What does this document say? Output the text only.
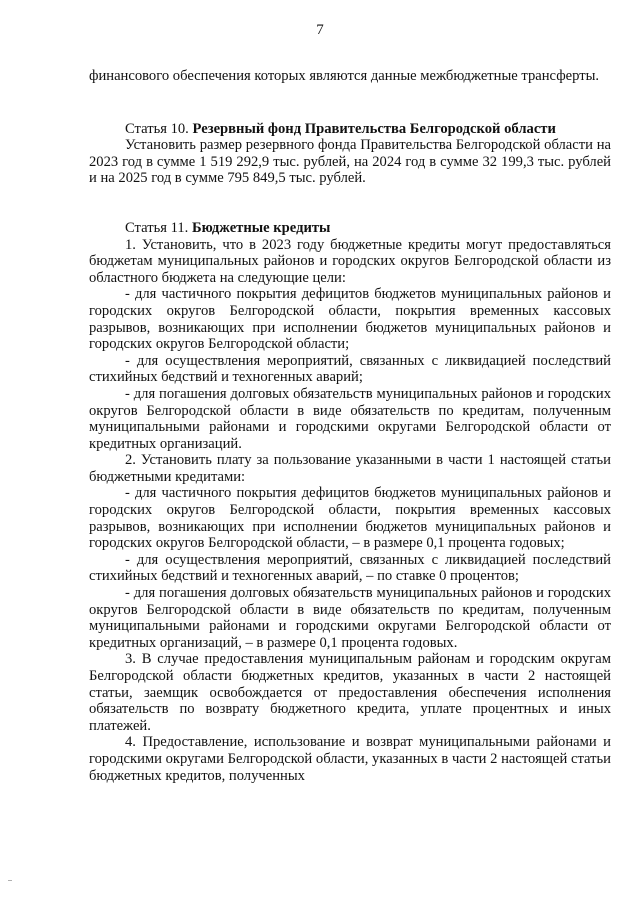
7

финансового обеспечения которых являются данные межбюджетные трансферты.

Статья 10. Резервный фонд Правительства Белгородской области

Установить размер резервного фонда Правительства Белгородской области на 2023 год в сумме 1 519 292,9 тыс. рублей, на 2024 год в сумме 32 199,3 тыс. рублей и на 2025 год в сумме 795 849,5 тыс. рублей.

Статья 11. Бюджетные кредиты

1. Установить, что в 2023 году бюджетные кредиты могут предоставляться бюджетам муниципальных районов и городских округов Белгородской области из областного бюджета на следующие цели:

- для частичного покрытия дефицитов бюджетов муниципальных районов и городских округов Белгородской области, покрытия временных кассовых разрывов, возникающих при исполнении бюджетов муниципальных районов и городских округов Белгородской области;

- для осуществления мероприятий, связанных с ликвидацией последствий стихийных бедствий и техногенных аварий;

- для погашения долговых обязательств муниципальных районов и городских округов Белгородской области в виде обязательств по кредитам, полученным муниципальными районами и городскими округами Белгородской области от кредитных организаций.

2. Установить плату за пользование указанными в части 1 настоящей статьи бюджетными кредитами:

- для частичного покрытия дефицитов бюджетов муниципальных районов и городских округов Белгородской области, покрытия временных кассовых разрывов, возникающих при исполнении бюджетов муниципальных районов и городских округов Белгородской области, – в размере 0,1 процента годовых;

- для осуществления мероприятий, связанных с ликвидацией последствий стихийных бедствий и техногенных аварий, – по ставке 0 процентов;

- для погашения долговых обязательств муниципальных районов и городских округов Белгородской области в виде обязательств по кредитам, полученным муниципальными районами и городскими округами Белгородской области от кредитных организаций, – в размере 0,1 процента годовых.

3. В случае предоставления муниципальным районам и городским округам Белгородской области бюджетных кредитов, указанных в части 2 настоящей статьи, заемщик освобождается от предоставления обеспечения исполнения обязательств по возврату бюджетного кредита, уплате процентных и иных платежей.

4. Предоставление, использование и возврат муниципальными районами и городскими округами Белгородской области, указанных в части 2 настоящей статьи бюджетных кредитов, полученных
